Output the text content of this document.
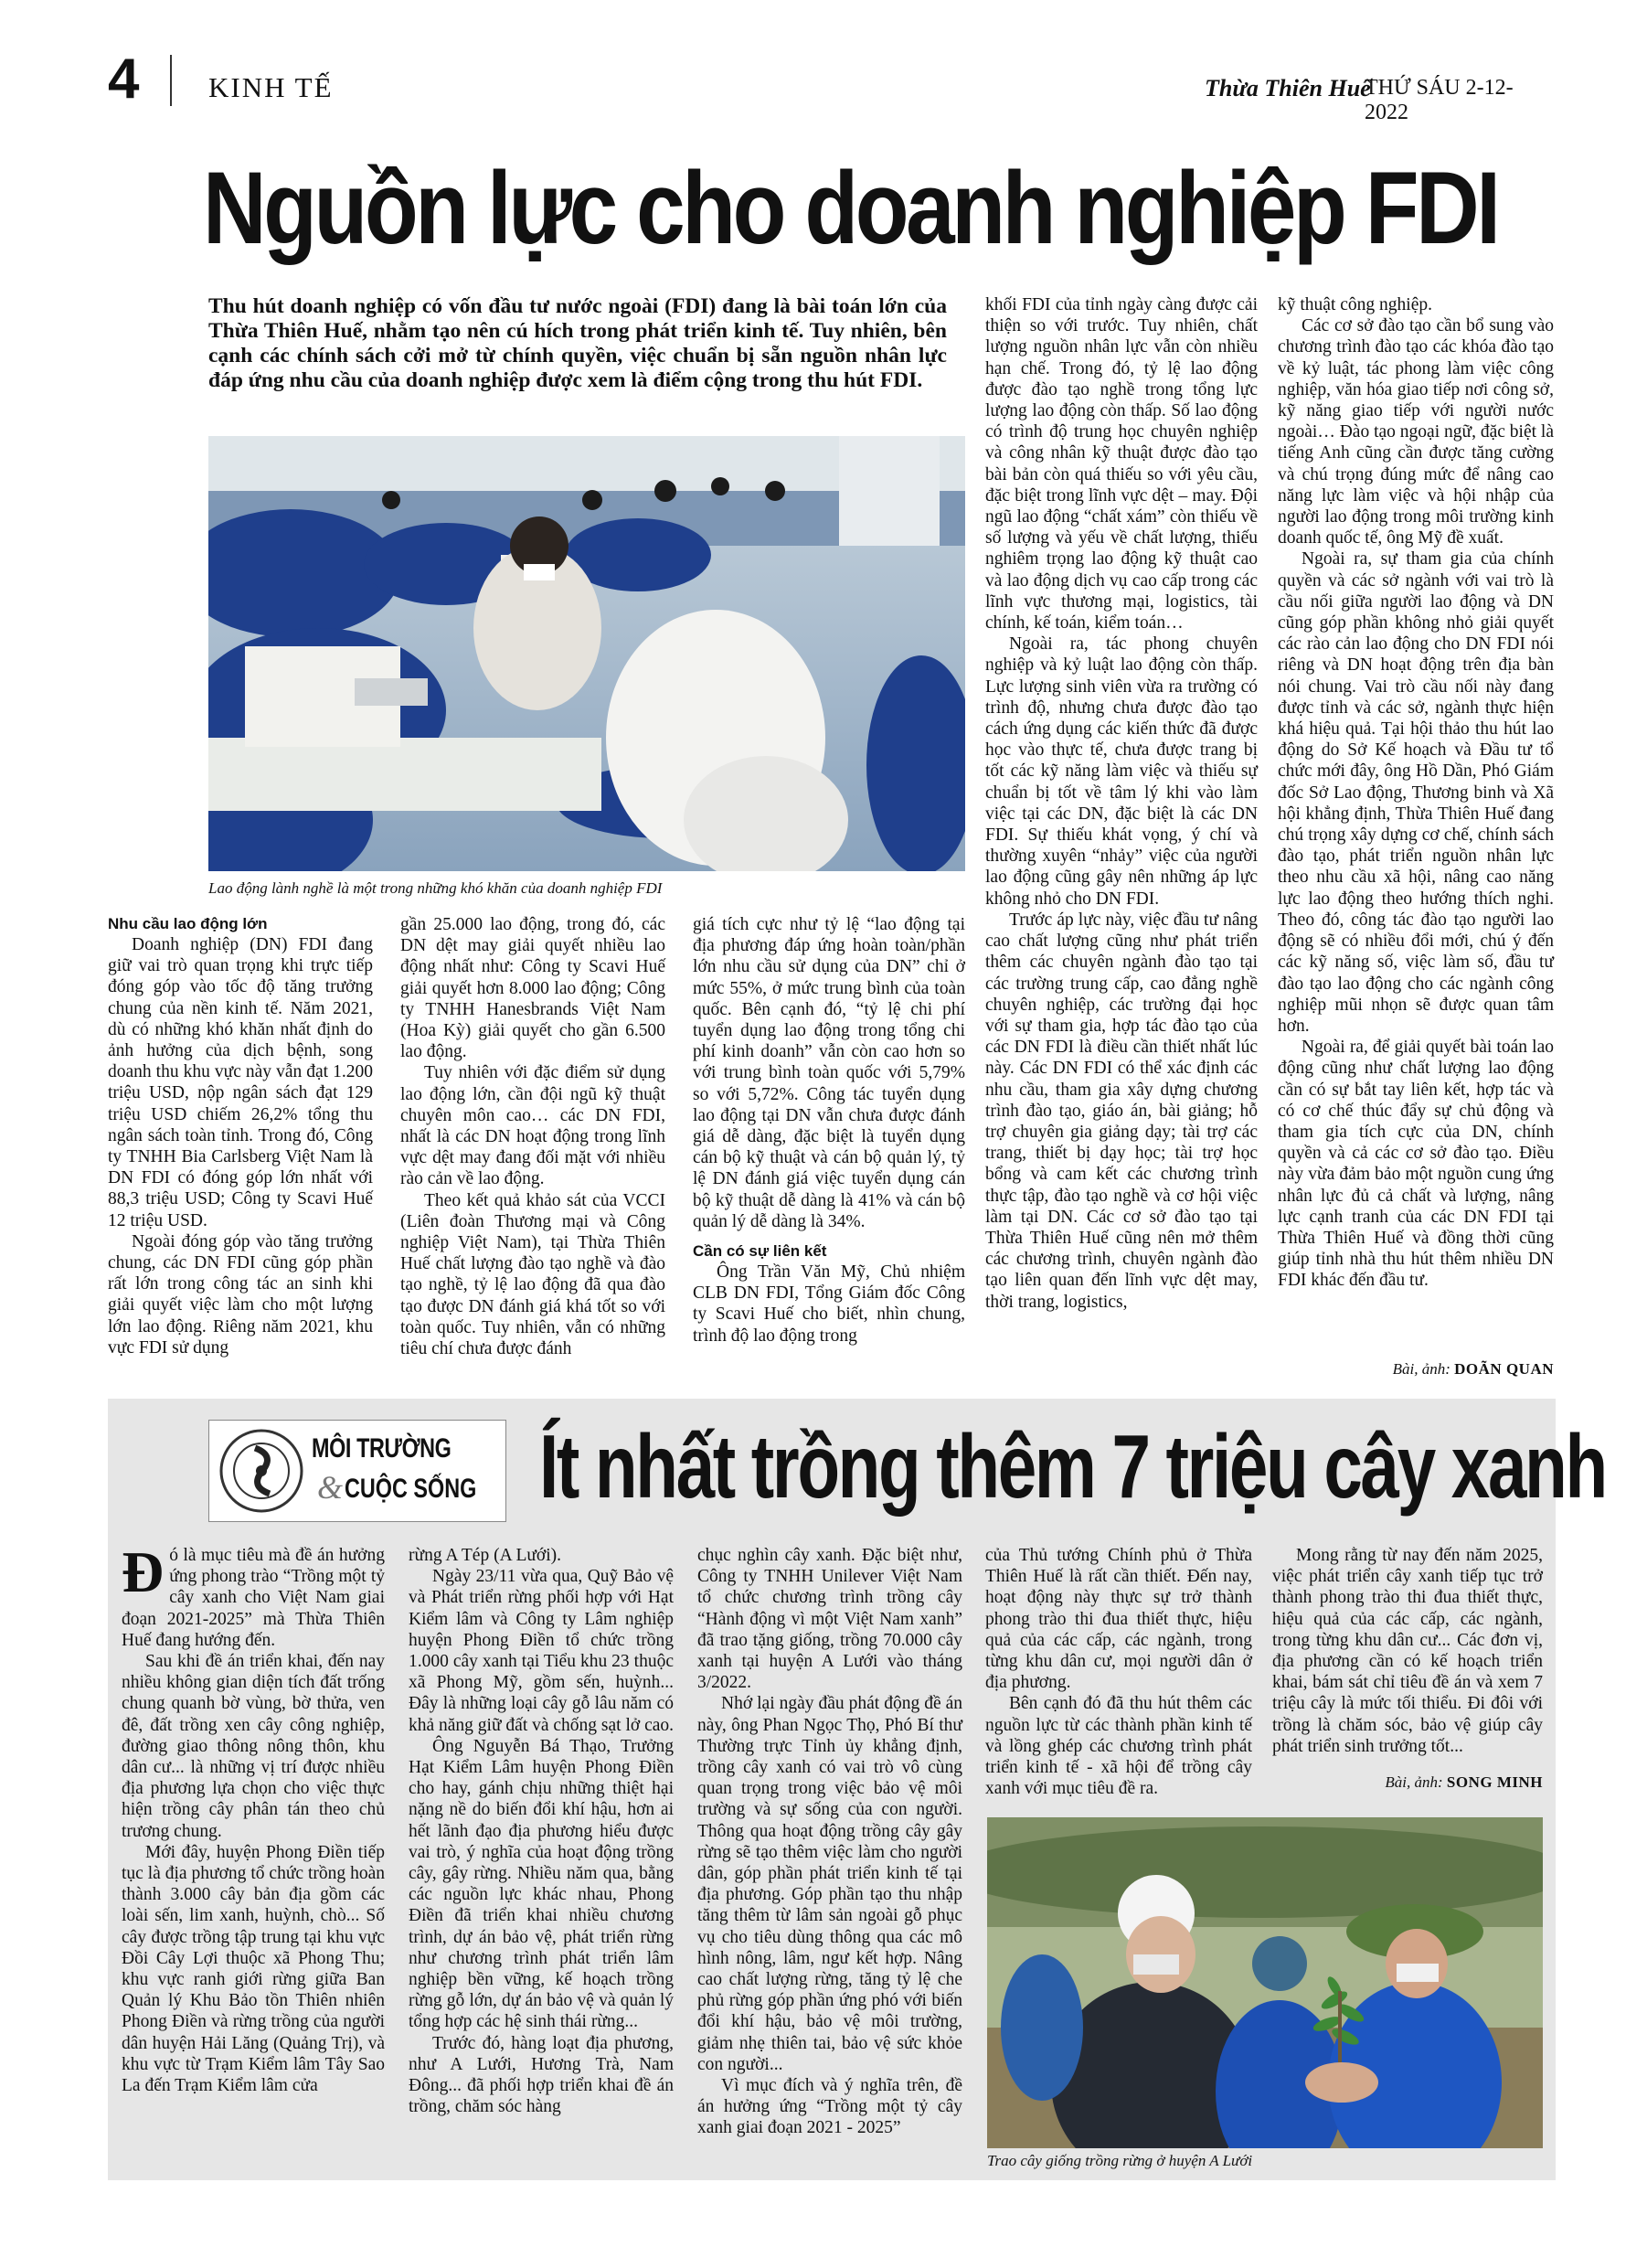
4 KINH TẾ	Thừa Thiên Huế
THỨ SÁU 2-12-2022
Nguồn lực cho doanh nghiệp FDI
Thu hút doanh nghiệp có vốn đầu tư nước ngoài (FDI) đang là bài toán lớn của Thừa Thiên Huế, nhằm tạo nên cú hích trong phát triển kinh tế. Tuy nhiên, bên cạnh các chính sách cởi mở từ chính quyền, việc chuẩn bị sẵn nguồn nhân lực đáp ứng nhu cầu của doanh nghiệp được xem là điểm cộng trong thu hút FDI.
Lao động lành nghề là một trong những khó khăn của doanh nghiệp FDI

Nhu cầu lao động lớn

Doanh nghiệp (DN) FDI đang giữ vai trò quan trọng khi trực tiếp đóng góp vào tốc độ tăng trưởng chung của nền kinh tế. Năm 2021, dù có những khó khăn nhất định do ảnh hưởng của dịch bệnh, song doanh thu khu vực này vẫn đạt 1.200 triệu USD, nộp ngân sách đạt 129 triệu USD chiếm 26,2% tổng thu ngân sách toàn tỉnh. Trong đó, Công ty TNHH Bia Carlsberg Việt Nam là DN FDI có đóng góp lớn nhất với 88,3 triệu USD; Công ty Scavi Huế 12 triệu USD.

Ngoài đóng góp vào tăng trưởng chung, các DN FDI cũng góp phần rất lớn trong công tác an sinh khi giải quyết việc làm cho một lượng lớn lao động. Riêng năm 2021, khu vực FDI sử dụng

gần 25.000 lao động, trong đó, các DN dệt may giải quyết nhiều lao động nhất như: Công ty Scavi Huế giải quyết hơn 8.000 lao động; Công ty TNHH Hanesbrands Việt Nam (Hoa Kỳ) giải quyết cho gần 6.500 lao động.

Tuy nhiên với đặc điểm sử dụng lao động lớn, cần đội ngũ kỹ thuật chuyên môn cao… các DN FDI, nhất là các DN hoạt động trong lĩnh vực dệt may đang đối mặt với nhiều rào cản về lao động.

Theo kết quả khảo sát của VCCI (Liên đoàn Thương mại và Công nghiệp Việt Nam), tại Thừa Thiên Huế chất lượng đào tạo nghề và đào tạo nghề, tỷ lệ lao động đã qua đào tạo được DN đánh giá khá tốt so với toàn quốc. Tuy nhiên, vẫn có những tiêu chí chưa được đánh

giá tích cực như tỷ lệ “lao động tại địa phương đáp ứng hoàn toàn/phần lớn nhu cầu sử dụng của DN” chỉ ở mức 55%, ở mức trung bình của toàn quốc. Bên cạnh đó, “tỷ lệ chi phí tuyển dụng lao động trong tổng chi phí kinh doanh” vẫn còn cao hơn so với trung bình toàn quốc với 5,79% so với 5,72%. Công tác tuyển dụng lao động tại DN vẫn chưa được đánh giá dễ dàng, đặc biệt là tuyển dụng cán bộ kỹ thuật và cán bộ quản lý, tỷ lệ DN đánh giá việc tuyển dụng cán bộ kỹ thuật dễ dàng là 41% và cán bộ quản lý dễ dàng là 34%.

Cần có sự liên kết

Ông Trần Văn Mỹ, Chủ nhiệm CLB DN FDI, Tổng Giám đốc Công ty Scavi Huế cho biết, nhìn chung, trình độ lao động trong

khối FDI của tỉnh ngày càng được cải thiện so với trước. Tuy nhiên, chất lượng nguồn nhân lực vẫn còn nhiều hạn chế. Trong đó, tỷ lệ lao động được đào tạo nghề trong tổng lực lượng lao động còn thấp. Số lao động có trình độ trung học chuyên nghiệp và công nhân kỹ thuật được đào tạo bài bản còn quá thiếu so với yêu cầu, đặc biệt trong lĩnh vực dệt – may. Đội ngũ lao động “chất xám” còn thiếu về số lượng và yếu về chất lượng, thiếu nghiêm trọng lao động kỹ thuật cao và lao động dịch vụ cao cấp trong các lĩnh vực thương mại, logistics, tài chính, kế toán, kiểm toán…

Ngoài ra, tác phong chuyên nghiệp và kỷ luật lao động còn thấp. Lực lượng sinh viên vừa ra trường có trình độ, nhưng chưa được đào tạo cách ứng dụng các kiến thức đã được học vào thực tế, chưa được trang bị tốt các kỹ năng làm việc và thiếu sự chuẩn bị tốt về tâm lý khi vào làm việc tại các DN, đặc biệt là các DN FDI. Sự thiếu khát vọng, ý chí và thường xuyên “nhảy” việc của người lao động cũng gây nên những áp lực không nhỏ cho DN FDI.

Trước áp lực này, việc đầu tư nâng cao chất lượng cũng như phát triển thêm các chuyên ngành đào tạo tại các trường trung cấp, cao đẳng nghề chuyên nghiệp, các trường đại học với sự tham gia, hợp tác đào tạo của các DN FDI là điều cần thiết nhất lúc này. Các DN FDI có thể xác định các nhu cầu, tham gia xây dựng chương trình đào tạo, giáo án, bài giảng; hỗ trợ chuyên gia giảng dạy; tài trợ các trang, thiết bị dạy học; tài trợ học bổng và cam kết các chương trình thực tập, đào tạo nghề và cơ hội việc làm tại DN. Các cơ sở đào tạo tại Thừa Thiên Huế cũng nên mở thêm các chương trình, chuyên ngành đào tạo liên quan đến lĩnh vực dệt may, thời trang, logistics,

kỹ thuật công nghiệp.

Các cơ sở đào tạo cần bổ sung vào chương trình đào tạo các khóa đào tạo về kỷ luật, tác phong làm việc công nghiệp, văn hóa giao tiếp nơi công sở, kỹ năng giao tiếp với người nước ngoài… Đào tạo ngoại ngữ, đặc biệt là tiếng Anh cũng cần được tăng cường và chú trọng đúng mức để nâng cao năng lực làm việc và hội nhập của người lao động trong môi trường kinh doanh quốc tế, ông Mỹ đề xuất.

Ngoài ra, sự tham gia của chính quyền và các sở ngành với vai trò là cầu nối giữa người lao động và DN cũng góp phần không nhỏ giải quyết các rào cản lao động cho DN FDI nói riêng và DN hoạt động trên địa bàn nói chung. Vai trò cầu nối này đang được tỉnh và các sở, ngành thực hiện khá hiệu quả. Tại hội thảo thu hút lao động do Sở Kế hoạch và Đầu tư tổ chức mới đây, ông Hồ Dần, Phó Giám đốc Sở Lao động, Thương binh và Xã hội khẳng định, Thừa Thiên Huế đang chú trọng xây dựng cơ chế, chính sách đào tạo, phát triển nguồn nhân lực theo nhu cầu xã hội, nâng cao năng lực lao động theo hướng thích nghi. Theo đó, công tác đào tạo người lao động sẽ có nhiều đổi mới, chú ý đến các kỹ năng số, việc làm số, đầu tư đào tạo lao động cho các ngành công nghiệp mũi nhọn sẽ được quan tâm hơn.

Ngoài ra, để giải quyết bài toán lao động cũng như chất lượng lao động cần có sự bắt tay liên kết, hợp tác và có cơ chế thúc đẩy sự chủ động và tham gia tích cực của DN, chính quyền và cả các cơ sở đào tạo. Điều này vừa đảm bảo một nguồn cung ứng nhân lực đủ cả chất và lượng, nâng lực cạnh tranh của các DN FDI tại Thừa Thiên Huế và đồng thời cũng giúp tỉnh nhà thu hút thêm nhiều DN FDI khác đến đầu tư.

Bài, ảnh: DOÃN QUAN
MÔI TRƯỜNG
& CUỘC SỐNG Ít nhất trồng thêm 7 triệu cây xanh

Đó là mục tiêu mà đề án hưởng ứng phong trào “Trồng một tỷ cây xanh cho Việt Nam giai đoạn 2021-2025” mà Thừa Thiên Huế đang hướng đến.

Sau khi đề án triển khai, đến nay nhiều không gian diện tích đất trống chung quanh bờ vùng, bờ thửa, ven đê, đất trồng xen cây công nghiệp, đường giao thông nông thôn, khu dân cư... là những vị trí được nhiều địa phương lựa chọn cho việc thực hiện trồng cây phân tán theo chủ trương chung.

Mới đây, huyện Phong Điền tiếp tục là địa phương tổ chức trồng hoàn thành 3.000 cây bản địa gồm các loài sến, lim xanh, huỳnh, chò... Số cây được trồng tập trung tại khu vực Đồi Cây Lợi thuộc xã Phong Thu; khu vực ranh giới rừng giữa Ban Quản lý Khu Bảo tồn Thiên nhiên Phong Điền và rừng trồng của người dân huyện Hải Lăng (Quảng Trị), và khu vực từ Trạm Kiểm lâm Tây Sao La đến Trạm Kiểm lâm cửa

rừng A Tép (A Lưới).

Ngày 23/11 vừa qua, Quỹ Bảo vệ và Phát triển rừng phối hợp với Hạt Kiểm lâm và Công ty Lâm nghiệp huyện Phong Điền tổ chức trồng 1.000 cây xanh tại Tiểu khu 23 thuộc xã Phong Mỹ, gồm sến, huỳnh... Đây là những loại cây gỗ lâu năm có khả năng giữ đất và chống sạt lở cao.

Ông Nguyễn Bá Thạo, Trưởng Hạt Kiểm Lâm huyện Phong Điền cho hay, gánh chịu những thiệt hại nặng nề do biến đổi khí hậu, hơn ai hết lãnh đạo địa phương hiểu được vai trò, ý nghĩa của hoạt động trồng cây, gây rừng. Nhiều năm qua, bằng các nguồn lực khác nhau, Phong Điền đã triển khai nhiều chương trình, dự án bảo vệ, phát triển rừng như chương trình phát triển lâm nghiệp bền vững, kế hoạch trồng rừng gỗ lớn, dự án bảo vệ và quản lý tổng hợp các hệ sinh thái rừng...

Trước đó, hàng loạt địa phương, như A Lưới, Hương Trà, Nam Đông... đã phối hợp triển khai đề án trồng, chăm sóc hàng

chục nghìn cây xanh. Đặc biệt như, Công ty TNHH Unilever Việt Nam tổ chức chương trình trồng cây “Hành động vì một Việt Nam xanh” đã trao tặng giống, trồng 70.000 cây xanh tại huyện A Lưới vào tháng 3/2022.

Nhớ lại ngày đầu phát động đề án này, ông Phan Ngọc Thọ, Phó Bí thư Thường trực Tỉnh ủy khẳng định, trồng cây xanh có vai trò vô cùng quan trọng trong việc bảo vệ môi trường và sự sống của con người. Thông qua hoạt động trồng cây gây rừng sẽ tạo thêm việc làm cho người dân, góp phần phát triển kinh tế tại địa phương. Góp phần tạo thu nhập tăng thêm từ lâm sản ngoài gỗ phục vụ cho tiêu dùng thông qua các mô hình nông, lâm, ngư kết hợp. Nâng cao chất lượng rừng, tăng tỷ lệ che phủ rừng góp phần ứng phó với biến đổi khí hậu, bảo vệ môi trường, giảm nhẹ thiên tai, bảo vệ sức khỏe con người...

Vì mục đích và ý nghĩa trên, đề án hưởng ứng “Trồng một tỷ cây xanh giai đoạn 2021 - 2025”

của Thủ tướng Chính phủ ở Thừa Thiên Huế là rất cần thiết. Đến nay, hoạt động này thực sự trở thành phong trào thi đua thiết thực, hiệu quả của các cấp, các ngành, trong từng khu dân cư, mọi người dân ở địa phương.

Bên cạnh đó đã thu hút thêm các nguồn lực từ các thành phần kinh tế và lồng ghép các chương trình phát triển kinh tế - xã hội để trồng cây xanh với mục tiêu đề ra.

Mong rằng từ nay đến năm 2025, việc phát triển cây xanh tiếp tục trở thành phong trào thi đua thiết thực, hiệu quả của các cấp, các ngành, trong từng khu dân cư... Các đơn vị, địa phương cần có kế hoạch triển khai, bám sát chỉ tiêu đề án và xem 7 triệu cây là mức tối thiểu. Đi đôi với trồng là chăm sóc, bảo vệ giúp cây phát triển sinh trưởng tốt...

Bài, ảnh: SONG MINH
Trao cây giống trồng rừng ở huyện A Lưới
